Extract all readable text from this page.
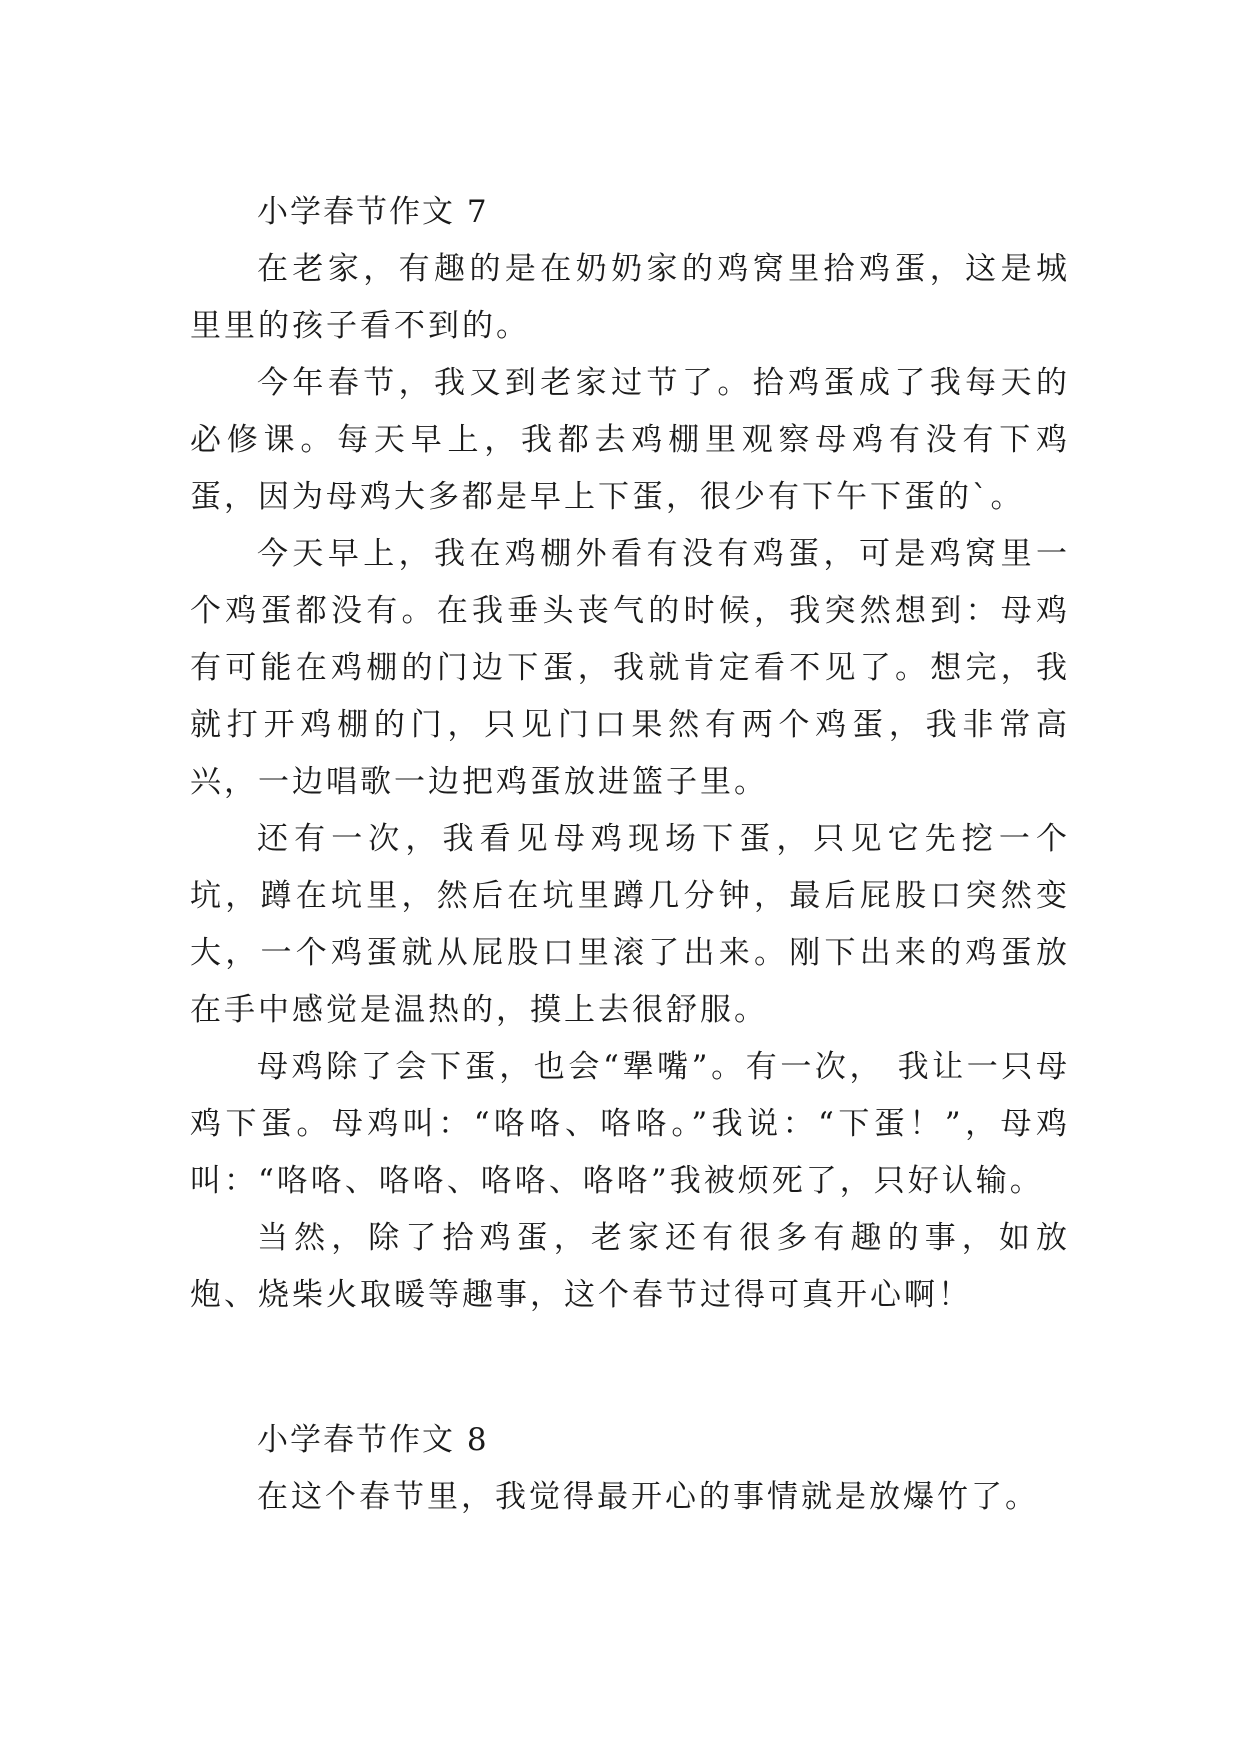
小学春节作文 7

在老家，有趣的是在奶奶家的鸡窝里拾鸡蛋，这是城里里的孩子看不到的。

今年春节，我又到老家过节了。拾鸡蛋成了我每天的必修课。每天早上，我都去鸡棚里观察母鸡有没有下鸡蛋，因为母鸡大多都是早上下蛋，很少有下午下蛋的`。

今天早上，我在鸡棚外看有没有鸡蛋，可是鸡窝里一个鸡蛋都没有。在我垂头丧气的时候，我突然想到：母鸡有可能在鸡棚的门边下蛋，我就肯定看不见了。想完，我就打开鸡棚的门，只见门口果然有两个鸡蛋，我非常高兴，一边唱歌一边把鸡蛋放进篮子里。

还有一次，我看见母鸡现场下蛋，只见它先挖一个坑，蹲在坑里，然后在坑里蹲几分钟，最后屁股口突然变大，一个鸡蛋就从屁股口里滚了出来。刚下出来的鸡蛋放在手中感觉是温热的，摸上去很舒服。

母鸡除了会下蛋，也会“犟嘴”。有一次， 我让一只母鸡下蛋。母鸡叫：“咯咯、咯咯。”我说：“下蛋！”，母鸡叫：“咯咯、咯咯、咯咯、咯咯”我被烦死了，只好认输。

当然，除了拾鸡蛋，老家还有很多有趣的事，如放炮、烧柴火取暖等趣事，这个春节过得可真开心啊！

小学春节作文 8

在这个春节里，我觉得最开心的事情就是放爆竹了。
